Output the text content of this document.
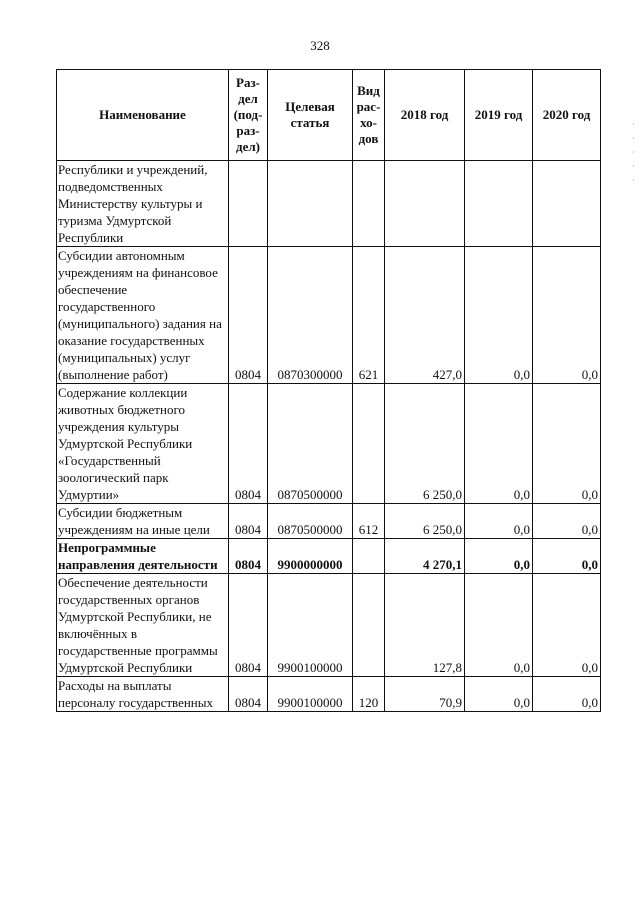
328
Наименование	Раз-
дел
(под-
раз-
дел)	Целевая
статья	Вид
рас-
хо-
дов	2018 год	2019 год	2020 год
Республики и учреждений, подведомственных Министерству культуры и туризма Удмуртской Республики						
Субсидии автономным учреждениям на финансовое обеспечение государственного (муниципального) задания на оказание государственных (муниципальных) услуг (выполнение работ)	0804	0870300000	621	427,0	0,0	0,0
Содержание коллекции животных бюджетного учреждения культуры Удмуртской Республики «Государственный зоологический парк Удмуртии»	0804	0870500000		6 250,0	0,0	0,0
Субсидии бюджетным учреждениям на иные цели	0804	0870500000	612	6 250,0	0,0	0,0
Непрограммные направления деятельности	0804	9900000000		4 270,1	0,0	0,0
Обеспечение деятельности государственных органов Удмуртской Республики, не включённых в государственные программы Удмуртской Республики	0804	9900100000		127,8	0,0	0,0
Расходы на выплаты персоналу государственных	0804	9900100000	120	70,9	0,0	0,0
·
·
·
·
·
